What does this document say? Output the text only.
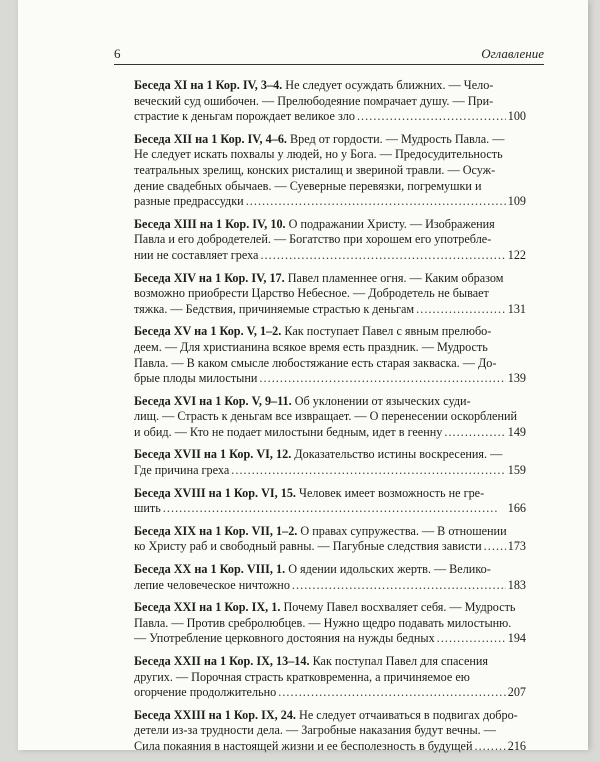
6	Оглавление
Беседа XI на 1 Кор. IV, 3–4. Не следует осуждать ближних. — Чело-
веческий суд ошибочен. — Прелюбодеяние помрачает душу. — При-
страстие к деньгам порождает великое зло . . .	100
Беседа XII на 1 Кор. IV, 4–6. Вред от гордости. — Мудрость Павла. —
Не следует искать похвалы у людей, но у Бога. — Предосудительность
театральных зрелищ, конских ристалищ и звериной травли. — Осуж-
дение свадебных обычаев. — Суеверные перевязки, погремушки и
разные предрассудки . . .	109
Беседа XIII на 1 Кор. IV, 10. О подражании Христу. — Изображения
Павла и его добродетелей. — Богатство при хорошем его употребле-
нии не составляет греха . . .	122
Беседа XIV на 1 Кор. IV, 17. Павел пламеннее огня. — Каким образом
возможно приобрести Царство Небесное. — Добродетель не бывает
тяжка. — Бедствия, причиняемые страстью к деньгам . . .	131
Беседа XV на 1 Кор. V, 1–2. Как поступает Павел с явным прелюбо-
деем. — Для христианина всякое время есть праздник. — Мудрость
Павла. — В каком смысле любостяжание есть старая закваска. — До-
брые плоды милостыни . . .	139
Беседа XVI на 1 Кор. V, 9–11. Об уклонении от языческих суди-
лищ. — Страсть к деньгам все извращает. — О перенесении оскорблений
и обид. — Кто не подает милостыни бедным, идет в геенну . . .	149
Беседа XVII на 1 Кор. VI, 12. Доказательство истины воскресения. —
Где причина греха . . .	159
Беседа XVIII на 1 Кор. VI, 15. Человек имеет возможность не гре-
шить . . .	166
Беседа XIX на 1 Кор. VII, 1–2. О правах супружества. — В отношении
ко Христу раб и свободный равны. — Пагубные следствия зависти . . . 173
Беседа XX на 1 Кор. VIII, 1. О ядении идольских жертв. — Велико-
лепие человеческое ничтожно . . .	183
Беседа XXI на 1 Кор. IX, 1. Почему Павел восхваляет себя. — Мудрость
Павла. — Против сребролюбцев. — Нужно щедро подавать милостыню.
— Употребление церковного достояния на нужды бедных . . .	194
Беседа XXII на 1 Кор. IX, 13–14. Как поступал Павел для спасения
других. — Порочная страсть кратковременна, а причиняемое ею
огорчение продолжительно . . .	207
Беседа XXIII на 1 Кор. IX, 24. Не следует отчаиваться в подвигах добро-
детели из-за трудности дела. — Загробные наказания будут вечны. —
Сила покаяния в настоящей жизни и ее бесполезность в будущей . . .	216
